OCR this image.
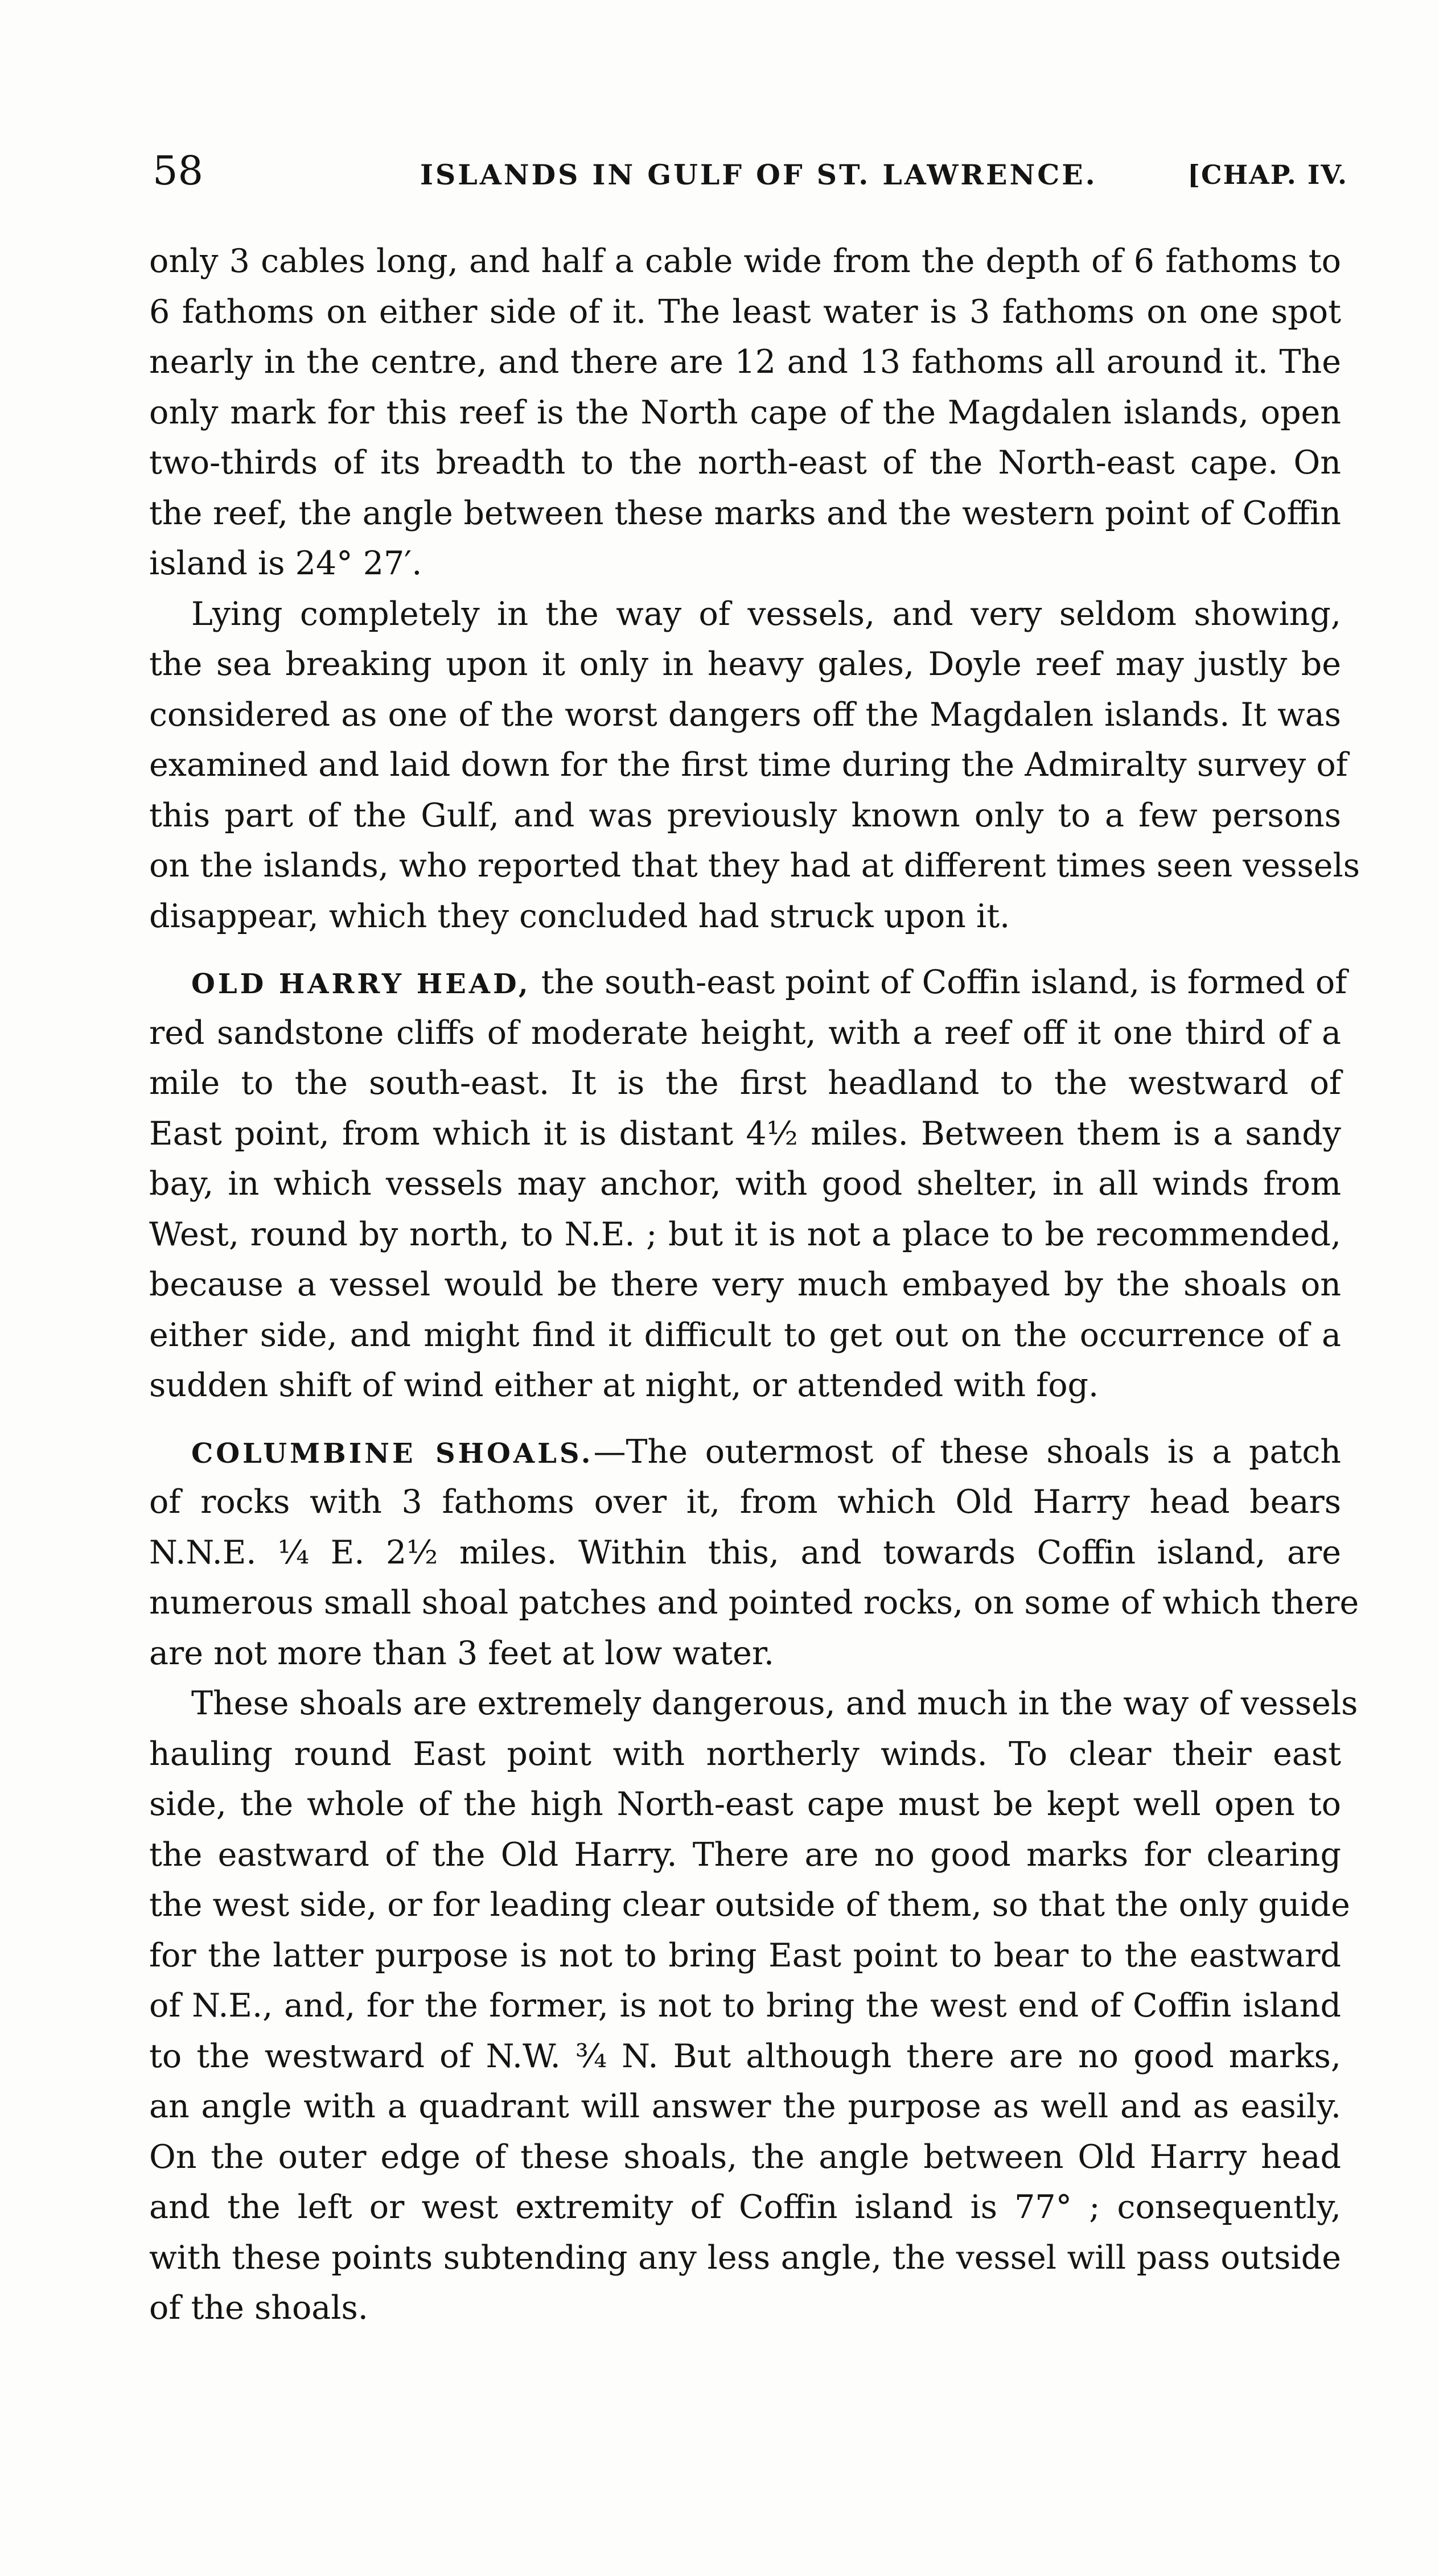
58	ISLANDS IN GULF OF ST. LAWRENCE.	[CHAP. IV.
only 3 cables long, and half a cable wide from the depth of 6 fathoms to
6 fathoms on either side of it. The least water is 3 fathoms on one spot
nearly in the centre, and there are 12 and 13 fathoms all around it. The
only mark for this reef is the North cape of the Magdalen islands, open
two-thirds of its breadth to the north-east of the North-east cape. On
the reef, the angle between these marks and the western point of Coffin
island is 24° 27′.
Lying completely in the way of vessels, and very seldom showing,
the sea breaking upon it only in heavy gales, Doyle reef may justly be
considered as one of the worst dangers off the Magdalen islands. It was
examined and laid down for the first time during the Admiralty survey of
this part of the Gulf, and was previously known only to a few persons
on the islands, who reported that they had at different times seen vessels
disappear, which they concluded had struck upon it.
OLD HARRY HEAD, the south-east point of Coffin island, is formed of
red sandstone cliffs of moderate height, with a reef off it one third of a
mile to the south-east. It is the first headland to the westward of
East point, from which it is distant 4½ miles. Between them is a sandy
bay, in which vessels may anchor, with good shelter, in all winds from
West, round by north, to N.E. ; but it is not a place to be recommended,
because a vessel would be there very much embayed by the shoals on
either side, and might find it difficult to get out on the occurrence of a
sudden shift of wind either at night, or attended with fog.
COLUMBINE SHOALS.—The outermost of these shoals is a patch
of rocks with 3 fathoms over it, from which Old Harry head bears
N.N.E. ¼ E. 2½ miles. Within this, and towards Coffin island, are
numerous small shoal patches and pointed rocks, on some of which there
are not more than 3 feet at low water.
These shoals are extremely dangerous, and much in the way of vessels
hauling round East point with northerly winds. To clear their east
side, the whole of the high North-east cape must be kept well open to
the eastward of the Old Harry. There are no good marks for clearing
the west side, or for leading clear outside of them, so that the only guide
for the latter purpose is not to bring East point to bear to the eastward
of N.E., and, for the former, is not to bring the west end of Coffin island
to the westward of N.W. ¾ N. But although there are no good marks,
an angle with a quadrant will answer the purpose as well and as easily.
On the outer edge of these shoals, the angle between Old Harry head
and the left or west extremity of Coffin island is 77° ; consequently,
with these points subtending any less angle, the vessel will pass outside
of the shoals.
